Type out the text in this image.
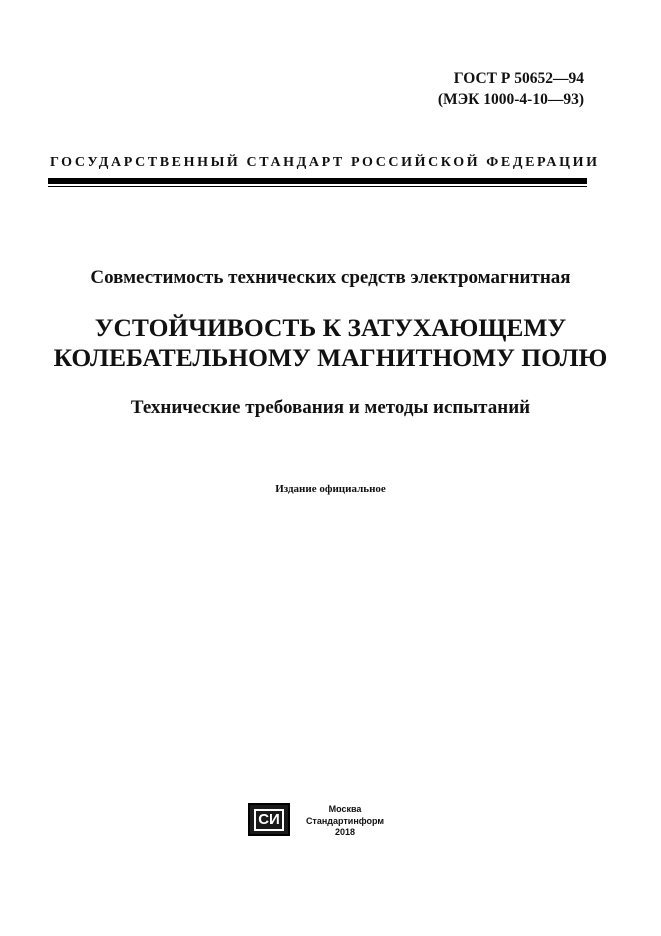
ГОСТ Р 50652—94
(МЭК 1000-4-10—93)
ГОСУДАРСТВЕННЫЙ СТАНДАРТ РОССИЙСКОЙ ФЕДЕРАЦИИ
Совместимость технических средств электромагнитная
УСТОЙЧИВОСТЬ К ЗАТУХАЮЩЕМУ
КОЛЕБАТЕЛЬНОМУ МАГНИТНОМУ ПОЛЮ
Технические требования и методы испытаний
Издание официальное
СИ
Москва
Стандартинформ
2018
